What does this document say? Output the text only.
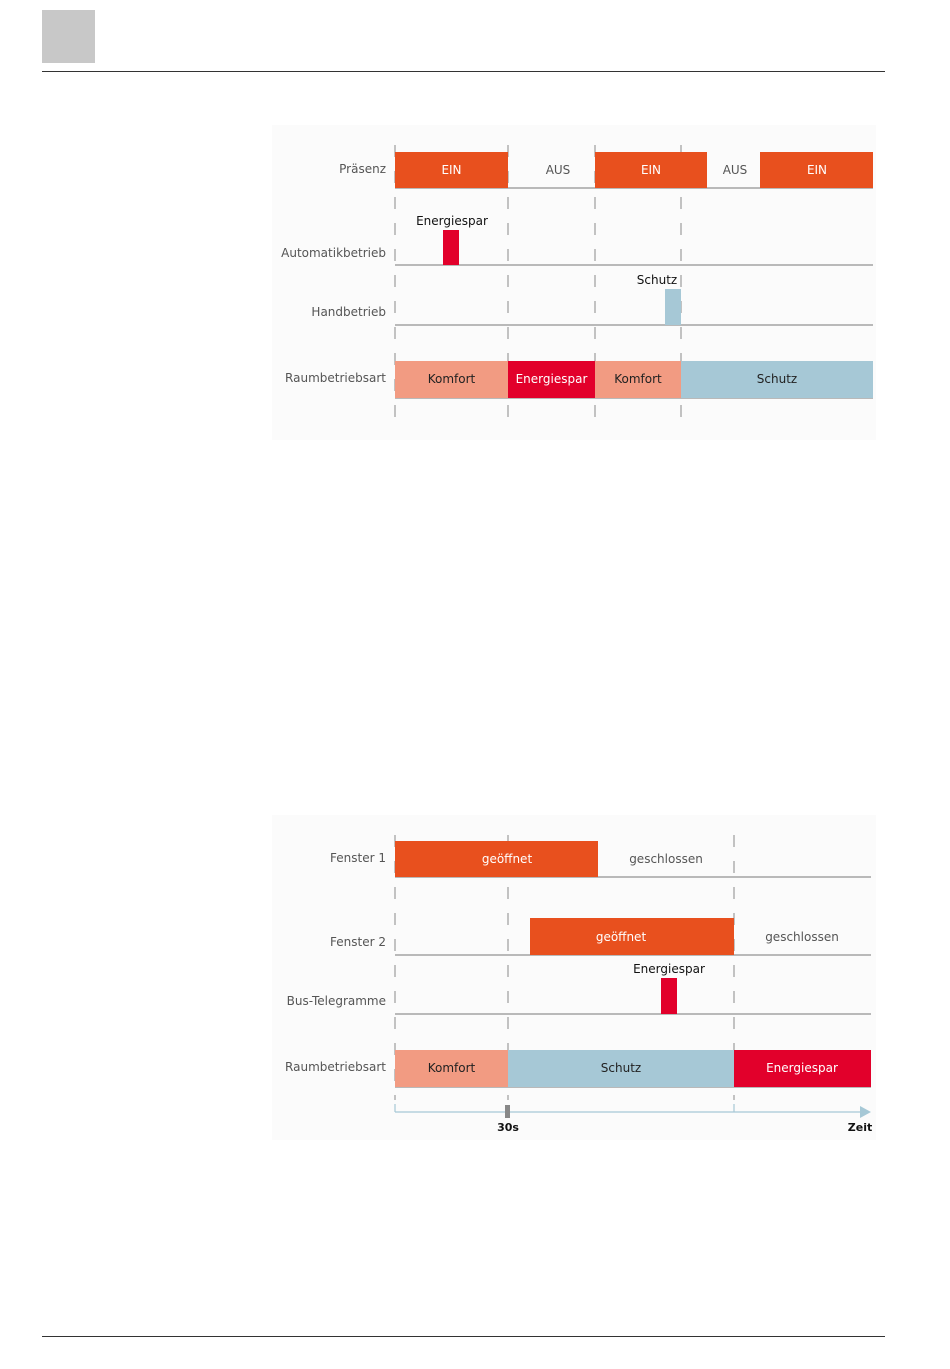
Präsenz
Automatikbetrieb
Handbetrieb
Raumbetriebsart
EIN	AUS	EIN	AUS	EIN
Energiespar
Schutz
Komfort	Energiespar Komfort	Schutz
Fenster 1
Fenster 2
Bus-Telegramme
Raumbetriebsart
geöffnet	geschlossen
geöffnet	geschlossen
Energiespar
Komfort	Schutz	Energiespar
30s	Zeit
